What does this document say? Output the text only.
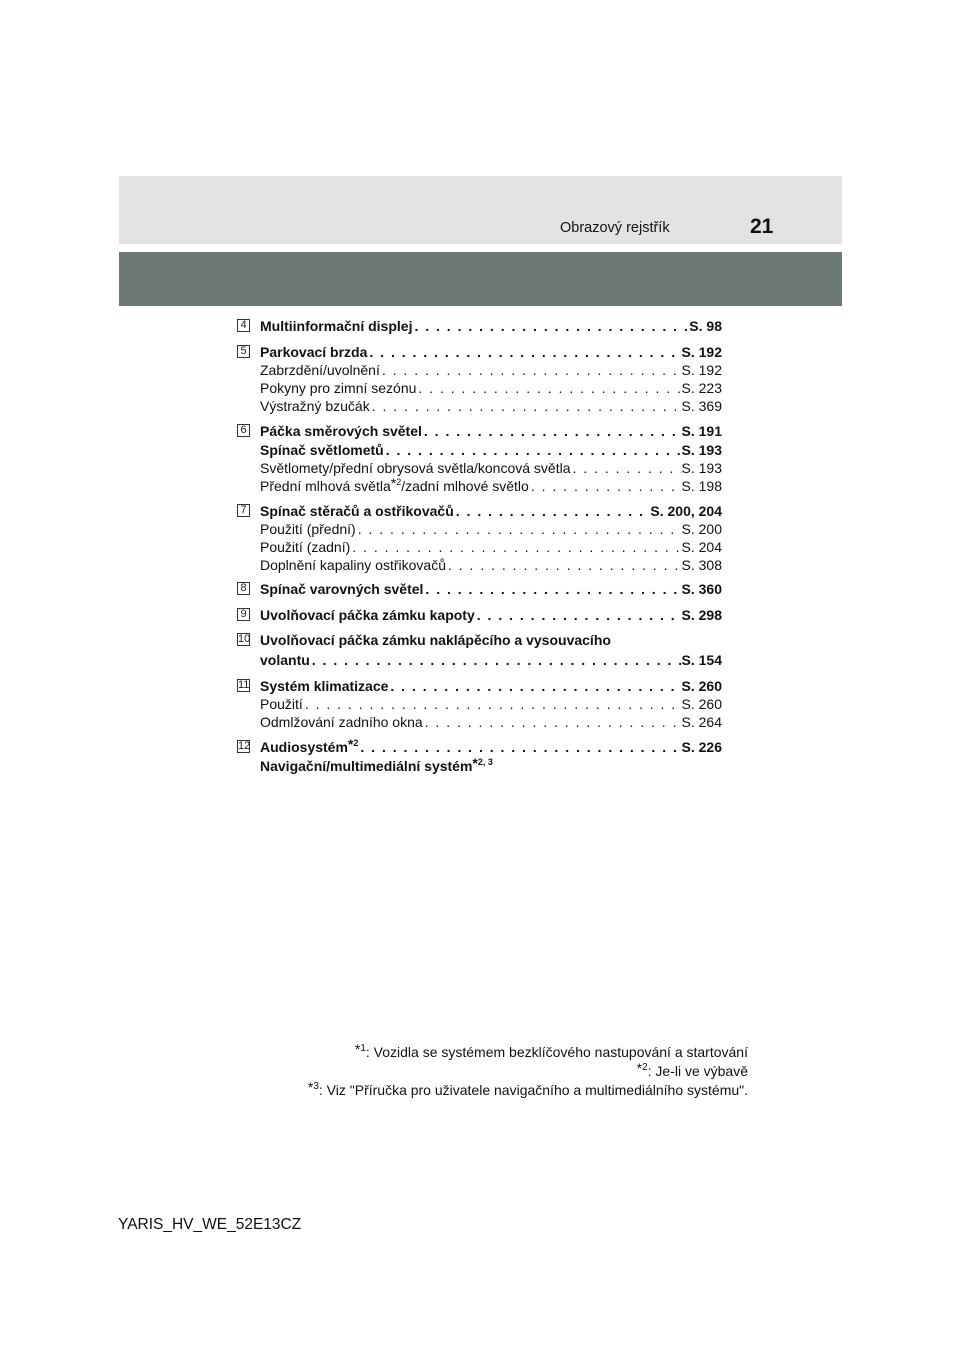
Obrazový rejstřík	21
4 Multiinformační displej . . .	S. 98
5 Parkovací brzda . . .	S. 192
Zabrzdění/uvolnění . . .	S. 192
Pokyny pro zimní sezónu . . .	S. 223
Výstražný bzučák . . .	S. 369
6 Páčka směrových světel . . .	S. 191
Spínač světlometů . . .	S. 193
Světlomety/přední obrysová světla/koncová světla . . .	S. 193
Přední mlhová světla$^{*2}$/zadní mlhové světlo . . .	S. 198
7 Spínač stěračů a ostřikovačů . . .	S. 200, 204
Použití (přední) . . .	S. 200
Použití (zadní) . . .	S. 204
Doplnění kapaliny ostřikovačů . . .	S. 308
8 Spínač varovných světel . . .	S. 360
9 Uvolňovací páčka zámku kapoty . . .	S. 298
10 Uvolňovací páčka zámku naklápěcího a vysouvacího
volantu . . .	S. 154
11 Systém klimatizace . . .	S. 260
Použití . . .	S. 260
Odmlžování zadního okna . . .	S. 264
12 Audiosystém$^{*2}$ . . .	S. 226
Navigační/multimediální systém$^{*2, 3}$
$^{*1}$: Vozidla se systémem bezklíčového nastupování a startování
$^{*2}$: Je-li ve výbavě
$^{*3}$: Viz "Příručka pro uživatele navigačního a multimediálního systému".
YARIS_HV_WE_52E13CZ
